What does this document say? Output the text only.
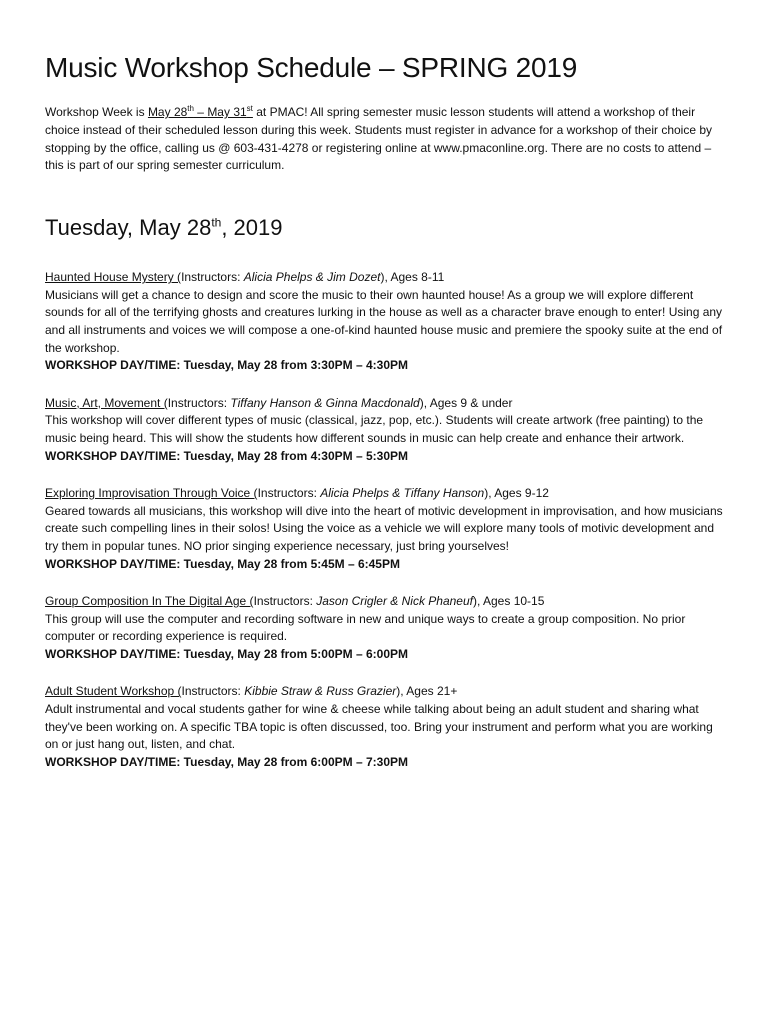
Music Workshop Schedule – SPRING 2019

Workshop Week is May 28th – May 31st at PMAC! All spring semester music lesson students will attend a workshop of their choice instead of their scheduled lesson during this week. Students must register in advance for a workshop of their choice by stopping by the office, calling us @ 603-431-4278 or registering online at www.pmaconline.org. There are no costs to attend – this is part of our spring semester curriculum.

Tuesday, May 28th, 2019
Haunted House Mystery (Instructors: Alicia Phelps & Jim Dozet), Ages 8-11
Musicians will get a chance to design and score the music to their own haunted house! As a group we will explore different sounds for all of the terrifying ghosts and creatures lurking in the house as well as a character brave enough to enter! Using any and all instruments and voices we will compose a one-of-kind haunted house music and premiere the spooky suite at the end of the workshop.
WORKSHOP DAY/TIME: Tuesday, May 28 from 3:30PM – 4:30PM
Music, Art, Movement (Instructors: Tiffany Hanson & Ginna Macdonald), Ages 9 & under
This workshop will cover different types of music (classical, jazz, pop, etc.). Students will create artwork (free painting) to the music being heard. This will show the students how different sounds in music can help create and enhance their artwork.
WORKSHOP DAY/TIME: Tuesday, May 28 from 4:30PM – 5:30PM
Exploring Improvisation Through Voice (Instructors: Alicia Phelps & Tiffany Hanson), Ages 9-12
Geared towards all musicians, this workshop will dive into the heart of motivic development in improvisation, and how musicians create such compelling lines in their solos! Using the voice as a vehicle we will explore many tools of motivic development and try them in popular tunes. NO prior singing experience necessary, just bring yourselves!
WORKSHOP DAY/TIME: Tuesday, May 28 from 5:45M – 6:45PM
Group Composition In The Digital Age (Instructors: Jason Crigler & Nick Phaneuf), Ages 10-15
This group will use the computer and recording software in new and unique ways to create a group composition. No prior computer or recording experience is required.
WORKSHOP DAY/TIME: Tuesday, May 28 from 5:00PM – 6:00PM
Adult Student Workshop (Instructors: Kibbie Straw & Russ Grazier), Ages 21+
Adult instrumental and vocal students gather for wine & cheese while talking about being an adult student and sharing what they've been working on. A specific TBA topic is often discussed, too. Bring your instrument and perform what you are working on or just hang out, listen, and chat.
WORKSHOP DAY/TIME: Tuesday, May 28 from 6:00PM – 7:30PM
